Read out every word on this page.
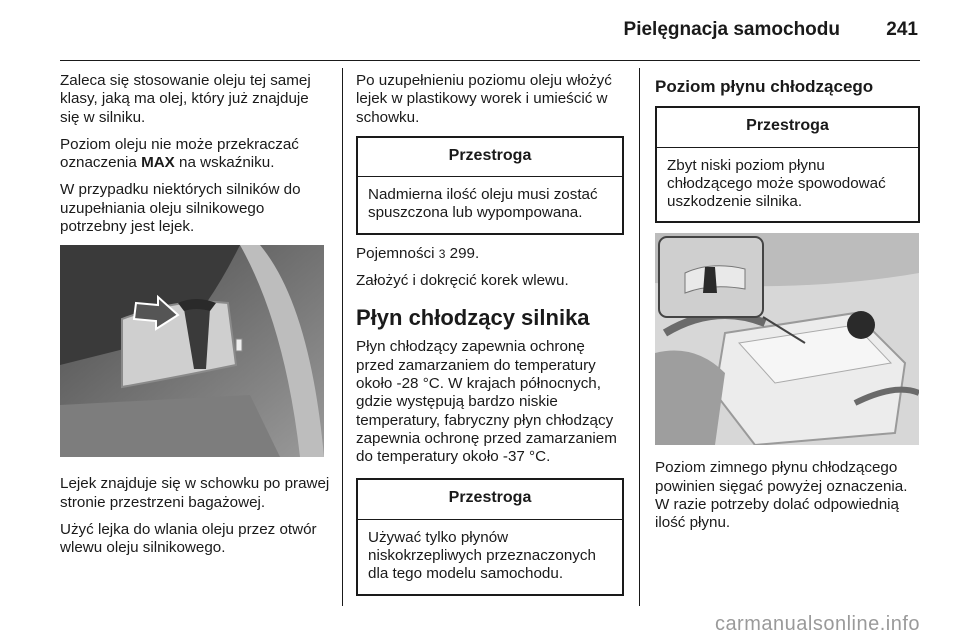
Pielęgnacja samochodu 241

Zaleca się stosowanie oleju tej samej klasy, jaką ma olej, który już znajduje się w silniku.

Poziom oleju nie może przekraczać oznaczenia MAX na wskaźniku.

W przypadku niektórych silników do uzupełniania oleju silnikowego potrzebny jest lejek.

Lejek znajduje się w schowku po prawej stronie przestrzeni bagażowej.

Użyć lejka do wlania oleju przez otwór wlewu oleju silnikowego.

Po uzupełnieniu poziomu oleju włożyć lejek w plastikowy worek i umieścić w schowku.

Przestroga
Nadmierna ilość oleju musi zostać spuszczona lub wypompowana.

Pojemności 3 299.

Założyć i dokręcić korek wlewu.

Płyn chłodzący silnika

Płyn chłodzący zapewnia ochronę przed zamarzaniem do temperatury około -28 °C. W krajach północnych, gdzie występują bardzo niskie temperatury, fabryczny płyn chłodzący zapewnia ochronę przed zamarzaniem do temperatury około -37 °C.

Przestroga
Używać tylko płynów niskokrzepliwych przeznaczonych dla tego modelu samochodu.
Poziom płynu chłodzącego
Przestroga
Zbyt niski poziom płynu chłodzącego może spowodować uszkodzenie silnika.

Poziom zimnego płynu chłodzącego powinien sięgać powyżej oznaczenia. W razie potrzeby dolać odpowiednią ilość płynu.

carmanualsonline.info
